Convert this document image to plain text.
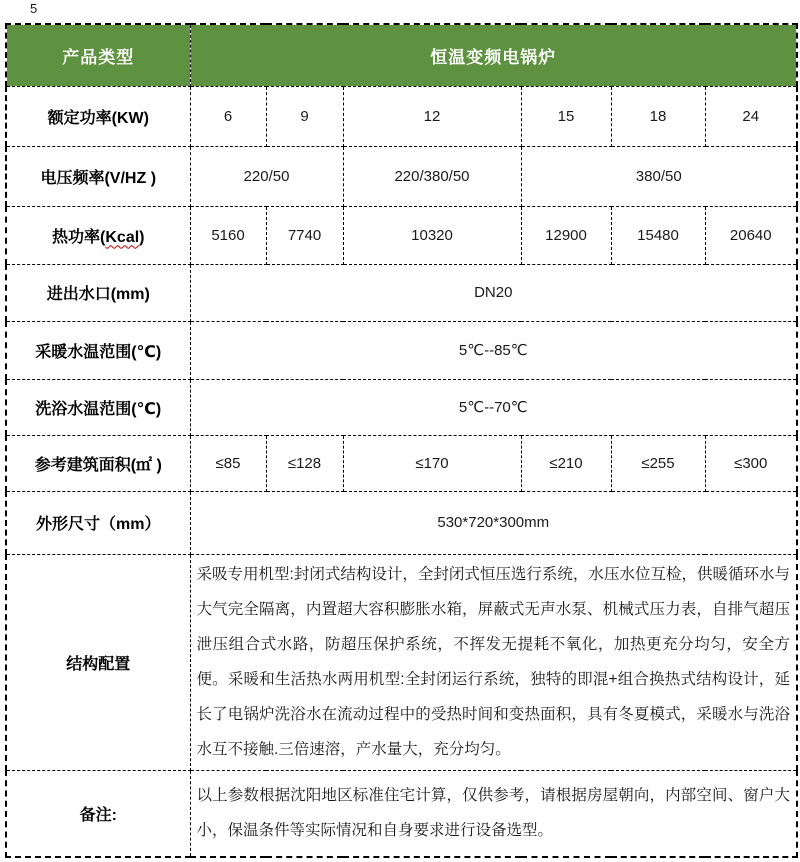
5
产品类型	恒温变频电锅炉					
额定功率(KW)	6	9	12	15	18	24
电压频率(V/HZ )	220/50		220/380/50	380/50		
热功率(Kcal)	5160	7740	10320	12900	15480	20640
进出水口(mm)	DN20					
采暖水温范围(℃)	5℃--85℃					
洗浴水温范围(℃)	5℃--70℃					
参考建筑面积(㎡ )	≤85	≤128	≤170	≤210	≤255	≤300
外形尺寸（mm）	530*720*300mm					
结构配置	采吸专用机型:封闭式结构设计，全封闭式恒压选行系统，水压水位互检，供暖循环水与大气完全隔离，内置超大容积膨胀水箱，屏蔽式无声水泵、机械式压力表，自排气超压泄压组合式水路，防超压保护系统，不挥发无提耗不氧化，加热更充分均匀，安全方便。采暖和生活热水两用机型:全封闭运行系统，独特的即混+组合换热式结构设计，延长了电锅炉洗浴水在流动过程中的受热时间和变热面积，具有冬夏模式，采暖水与洗浴水互不接触.三倍速溶，产水量大，充分均匀。					
备注:	以上参数根据沈阳地区标准住宅计算，仅供参考，请根据房屋朝向，内部空间、窗户大小，保温条件等实际情况和自身要求进行设备选型。					
